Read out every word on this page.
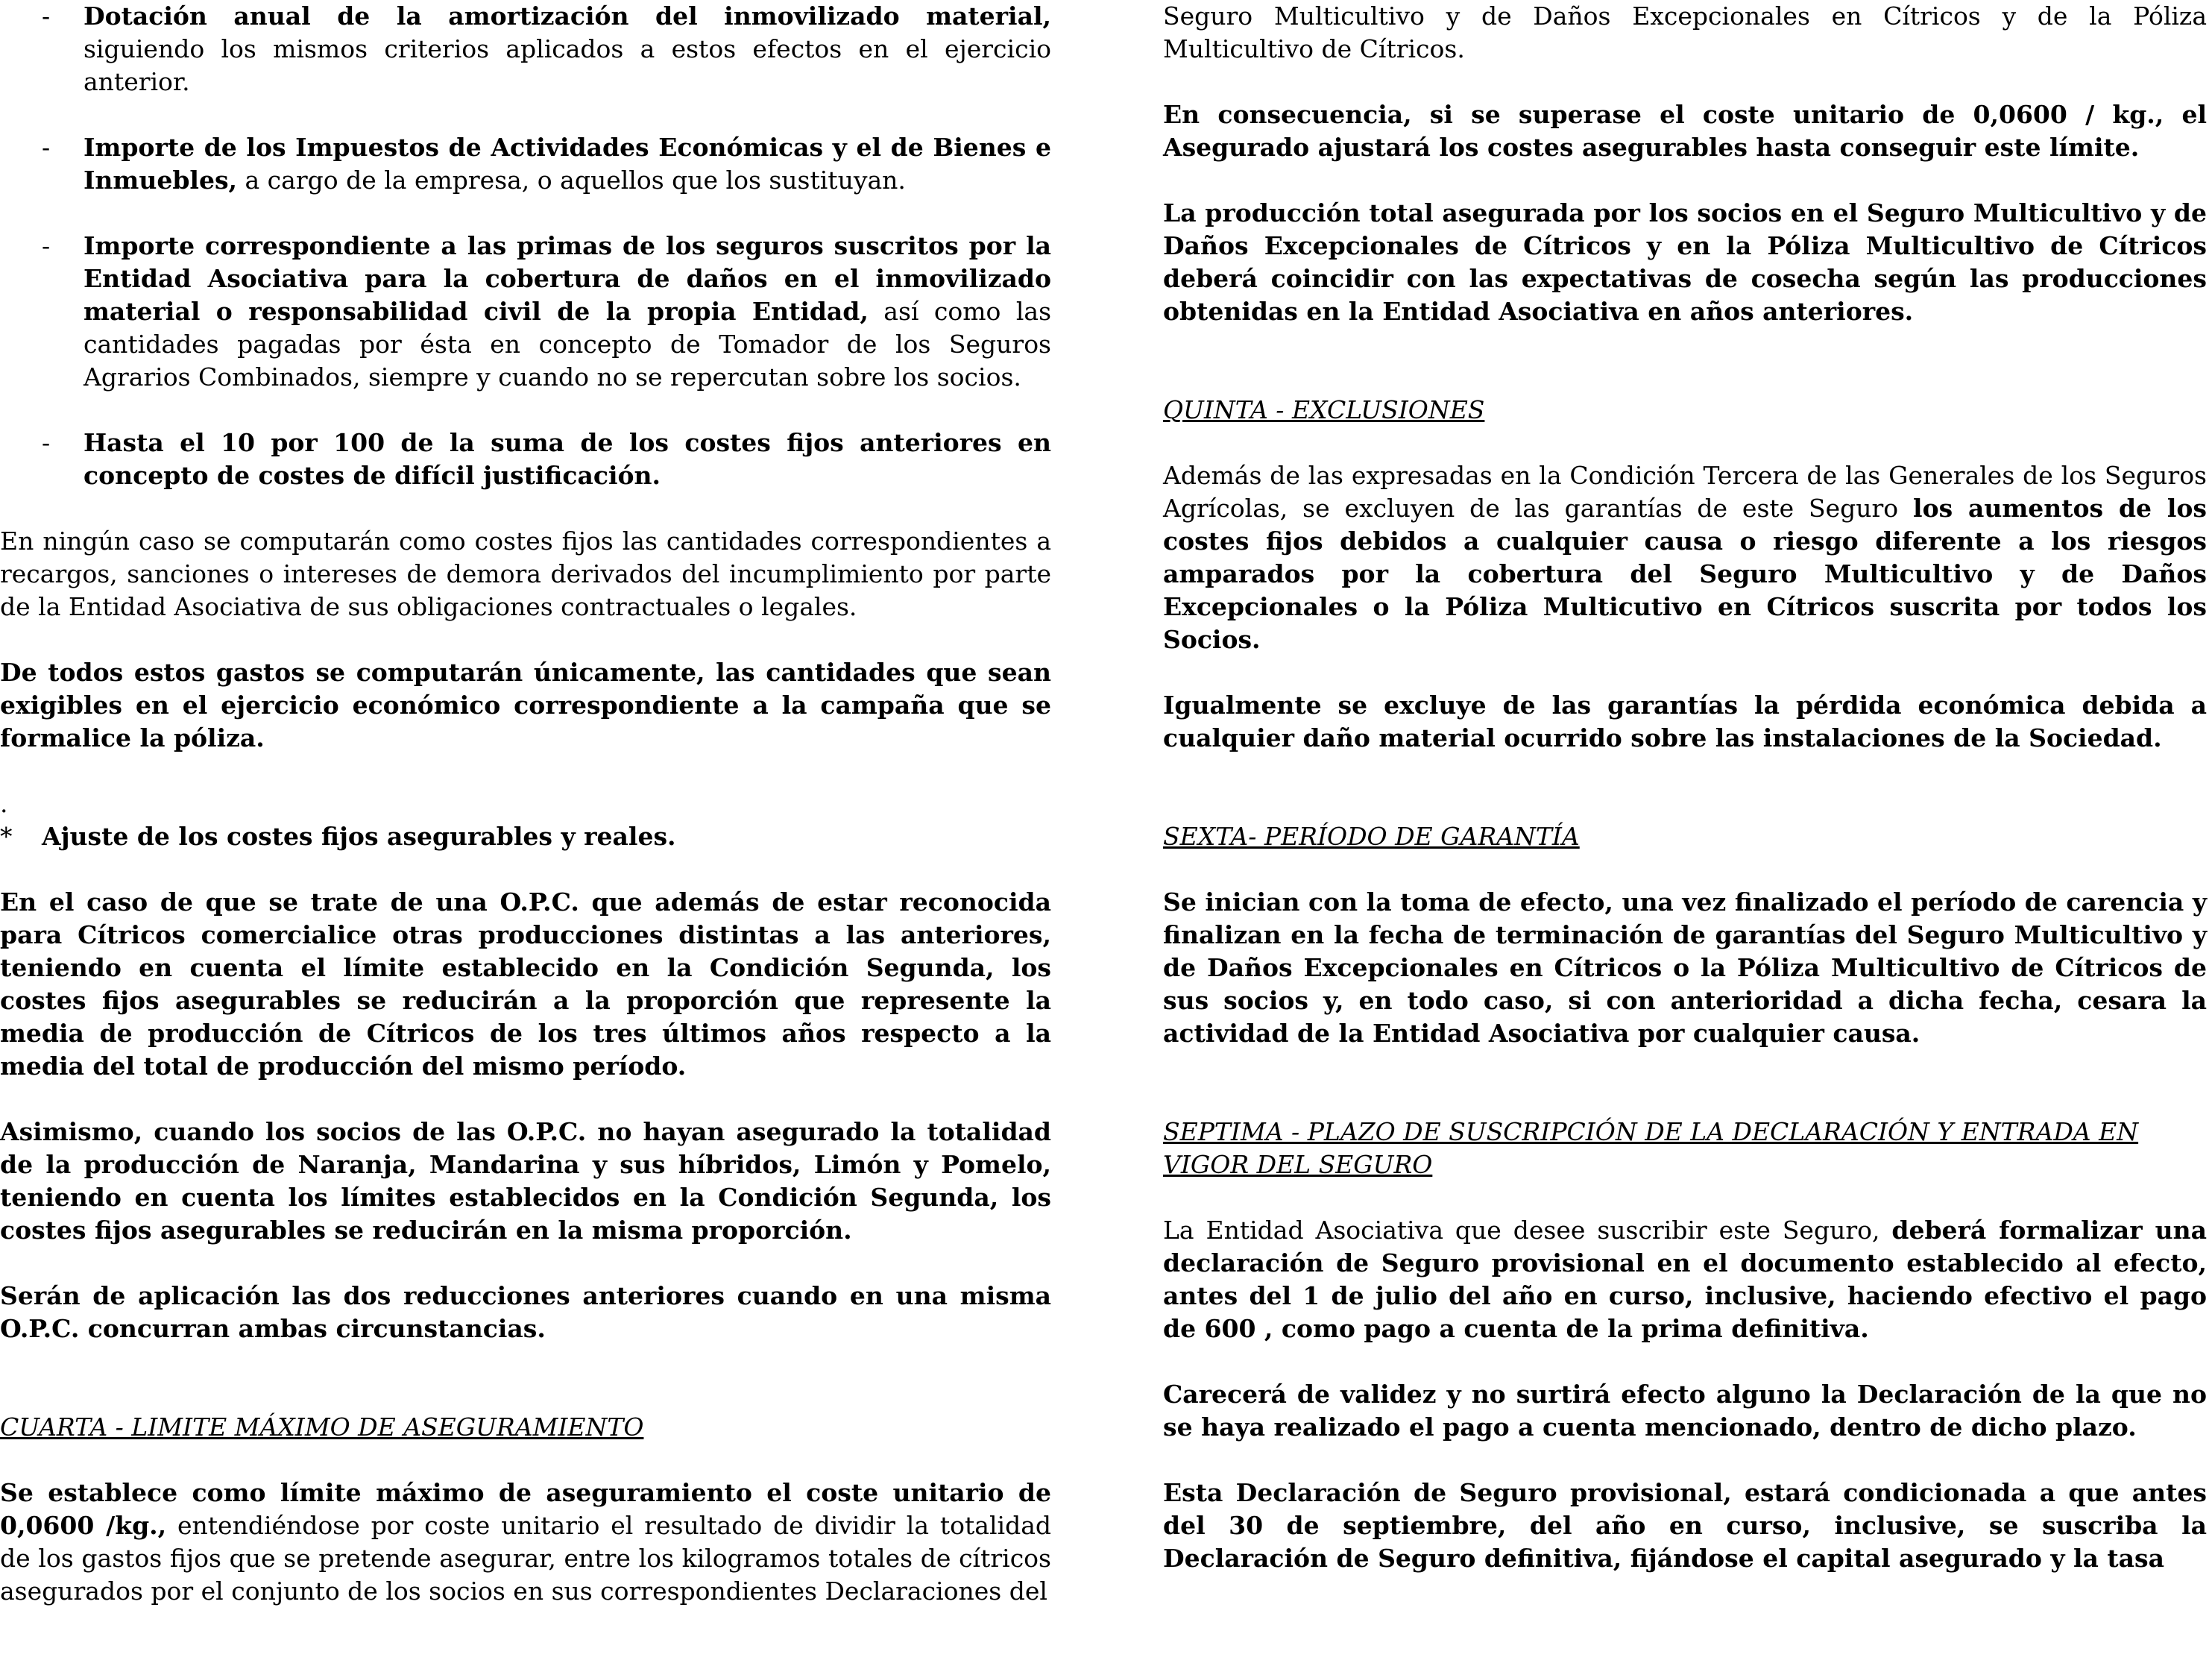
- Dotación anual de la amortización del inmovilizado material, siguiendo los mismos criterios aplicados a estos efectos en el ejercicio anterior.

- Importe de los Impuestos de Actividades Económicas y el de Bienes e Inmuebles, a cargo de la empresa, o aquellos que los sustituyan.

- Importe correspondiente a las primas de los seguros suscritos por la Entidad Asociativa para la cobertura de daños en el inmovilizado material o responsabilidad civil de la propia Entidad, así como las cantidades pagadas por ésta en concepto de Tomador de los Seguros Agrarios Combinados, siempre y cuando no se repercutan sobre los socios.

- Hasta el 10 por 100 de la suma de los costes fijos anteriores en concepto de costes de difícil justificación.

En ningún caso se computarán como costes fijos las cantidades correspondientes a recargos, sanciones o intereses de demora derivados del incumplimiento por parte de la Entidad Asociativa de sus obligaciones contractuales o legales.

De todos estos gastos se computarán únicamente, las cantidades que sean exigibles en el ejercicio económico correspondiente a la campaña que se formalice la póliza.

.

* Ajuste de los costes fijos asegurables y reales.

En el caso de que se trate de una O.P.C. que además de estar reconocida para Cítricos comercialice otras producciones distintas a las anteriores, teniendo en cuenta el límite establecido en la Condición Segunda, los costes fijos asegurables se reducirán a la proporción que represente la media de producción de Cítricos de los tres últimos años respecto a la media del total de producción del mismo período.

Asimismo, cuando los socios de las O.P.C. no hayan asegurado la totalidad de la producción de Naranja, Mandarina y sus híbridos, Limón y Pomelo, teniendo en cuenta los límites establecidos en la Condición Segunda, los costes fijos asegurables se reducirán en la misma proporción.

Serán de aplicación las dos reducciones anteriores cuando en una misma O.P.C. concurran ambas circunstancias.

CUARTA - LIMITE MÁXIMO DE ASEGURAMIENTO

Se establece como límite máximo de aseguramiento el coste unitario de 0,0600 /kg., entendiéndose por coste unitario el resultado de dividir la totalidad de los gastos fijos que se pretende asegurar, entre los kilogramos totales de cítricos asegurados por el conjunto de los socios en sus correspondientes Declaraciones del

Seguro Multicultivo y de Daños Excepcionales en Cítricos y de la Póliza Multicultivo de Cítricos.

En consecuencia, si se superase el coste unitario de 0,0600 / kg., el Asegurado ajustará los costes asegurables hasta conseguir este límite.

La producción total asegurada por los socios en el Seguro Multicultivo y de Daños Excepcionales de Cítricos y en la Póliza Multicultivo de Cítricos deberá coincidir con las expectativas de cosecha según las producciones obtenidas en la Entidad Asociativa en años anteriores.

QUINTA - EXCLUSIONES

Además de las expresadas en la Condición Tercera de las Generales de los Seguros Agrícolas, se excluyen de las garantías de este Seguro los aumentos de los costes fijos debidos a cualquier causa o riesgo diferente a los riesgos amparados por la cobertura del Seguro Multicultivo y de Daños Excepcionales o la Póliza Multicutivo en Cítricos suscrita por todos los Socios.

Igualmente se excluye de las garantías la pérdida económica debida a cualquier daño material ocurrido sobre las instalaciones de la Sociedad.

SEXTA- PERÍODO DE GARANTÍA

Se inician con la toma de efecto, una vez finalizado el período de carencia y finalizan en la fecha de terminación de garantías del Seguro Multicultivo y de Daños Excepcionales en Cítricos o la Póliza Multicultivo de Cítricos de sus socios y, en todo caso, si con anterioridad a dicha fecha, cesara la actividad de la Entidad Asociativa por cualquier causa.

SEPTIMA - PLAZO DE SUSCRIPCIÓN DE LA DECLARACIÓN Y ENTRADA EN VIGOR DEL SEGURO

La Entidad Asociativa que desee suscribir este Seguro, deberá formalizar una declaración de Seguro provisional en el documento establecido al efecto, antes del 1 de julio del año en curso, inclusive, haciendo efectivo el pago de 600 , como pago a cuenta de la prima definitiva.

Carecerá de validez y no surtirá efecto alguno la Declaración de la que no se haya realizado el pago a cuenta mencionado, dentro de dicho plazo.

Esta Declaración de Seguro provisional, estará condicionada a que antes del 30 de septiembre, del año en curso, inclusive, se suscriba la Declaración de Seguro definitiva, fijándose el capital asegurado y la tasa
